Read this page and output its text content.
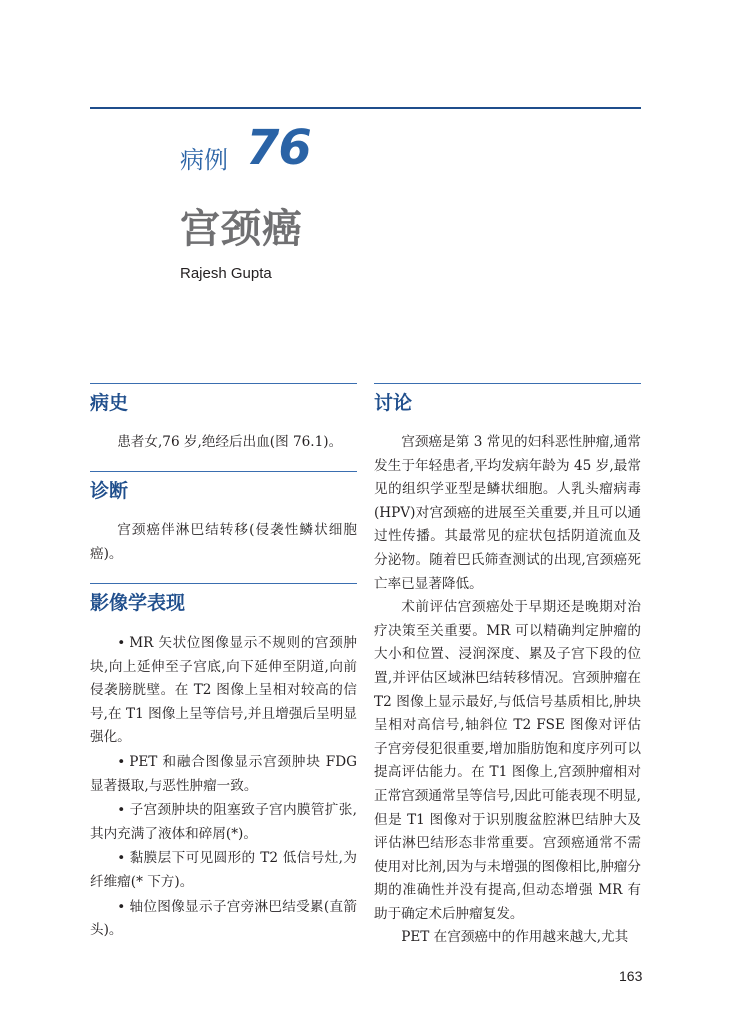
病例 76
宫颈癌
Rajesh Gupta
病史

患者女,76 岁,绝经后出血(图 76.1)。

诊断

宫颈癌伴淋巴结转移(侵袭性鳞状细胞癌)。

影像学表现
• MR 矢状位图像显示不规则的宫颈肿块,向上延伸至子宫底,向下延伸至阴道,向前侵袭膀胱壁。在 T2 图像上呈相对较高的信号,在 T1 图像上呈等信号,并且增强后呈明显强化。
• PET 和融合图像显示宫颈肿块 FDG 显著摄取,与恶性肿瘤一致。
• 子宫颈肿块的阻塞致子宫内膜管扩张,其内充满了液体和碎屑(*)。
• 黏膜层下可见圆形的 T2 低信号灶,为纤维瘤(* 下方)。
• 轴位图像显示子宫旁淋巴结受累(直箭头)。
讨论

宫颈癌是第 3 常见的妇科恶性肿瘤,通常发生于年轻患者,平均发病年龄为 45 岁,最常见的组织学亚型是鳞状细胞。人乳头瘤病毒(HPV)对宫颈癌的进展至关重要,并且可以通过性传播。其最常见的症状包括阴道流血及分泌物。随着巴氏筛查测试的出现,宫颈癌死亡率已显著降低。

术前评估宫颈癌处于早期还是晚期对治疗决策至关重要。MR 可以精确判定肿瘤的大小和位置、浸润深度、累及子宫下段的位置,并评估区域淋巴结转移情况。宫颈肿瘤在 T2 图像上显示最好,与低信号基质相比,肿块呈相对高信号,轴斜位 T2 FSE 图像对评估子宫旁侵犯很重要,增加脂肪饱和度序列可以提高评估能力。在 T1 图像上,宫颈肿瘤相对正常宫颈通常呈等信号,因此可能表现不明显,但是 T1 图像对于识别腹盆腔淋巴结肿大及评估淋巴结形态非常重要。宫颈癌通常不需使用对比剂,因为与未增强的图像相比,肿瘤分期的准确性并没有提高,但动态增强 MR 有助于确定术后肿瘤复发。

PET 在宫颈癌中的作用越来越大,尤其

163
